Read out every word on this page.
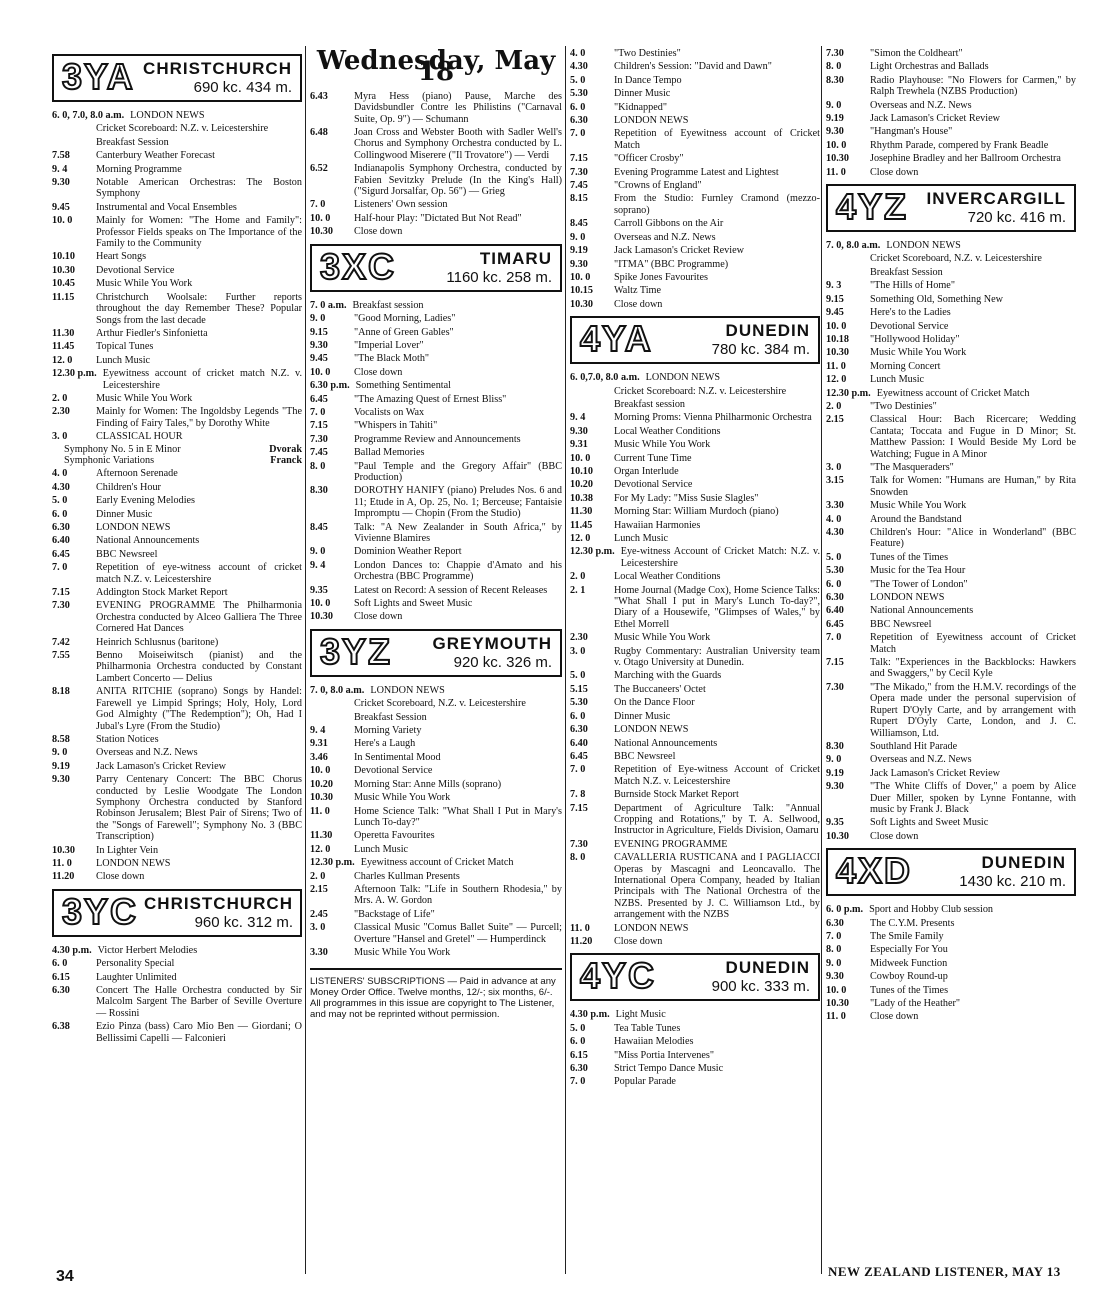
3YA CHRISTCHURCH
690 kc. 434 m.
6. 0, 7.0, 8.0 a.m. LONDON NEWS
Cricket Scoreboard: N.Z. v. Leicestershire
Breakfast Session
7.58	Canterbury Weather Forecast
9. 4	Morning Programme
9.30	Notable American Orchestras: The Boston Symphony
9.45	Instrumental and Vocal Ensembles
10. 0	Mainly for Women: "The Home and Family": Professor Fields speaks on The Importance of the Family to the Community
10.10	Heart Songs
10.30	Devotional Service
10.45	Music While You Work
11.15	Christchurch Woolsale: Further reports throughout the day Remember These? Popular Songs from the last decade
11.30	Arthur Fiedler's Sinfonietta
11.45	Topical Tunes
12. 0	Lunch Music
12.30 p.m. Eyewitness account of cricket match N.Z. v. Leicestershire
2. 0	Music While You Work
2.30	Mainly for Women: The Ingoldsby Legends "The Finding of Fairy Tales," by Dorothy White
3. 0	CLASSICAL HOUR
Symphony No. 5 in E Minor	Dvorak
Symphonic Variations	Franck
4. 0	Afternoon Serenade
4.30	Children's Hour
5. 0	Early Evening Melodies
6. 0	Dinner Music
6.30	LONDON NEWS
6.40	National Announcements
6.45	BBC Newsreel
7. 0	Repetition of eye-witness account of cricket match N.Z. v. Leicestershire
7.15	Addington Stock Market Report
7.30	EVENING PROGRAMME The Philharmonia Orchestra conducted by Alceo Galliera The Three Cornered Hat Dances
7.42	Heinrich Schlusnus (baritone)
7.55	Benno Moiseiwitsch (pianist) and the Philharmonia Orchestra conducted by Constant Lambert Concerto — Delius
8.18	ANITA RITCHIE (soprano) Songs by Handel: Farewell ye Limpid Springs; Holy, Holy, Lord God Almighty ("The Redemption"); Oh, Had I Jubal's Lyre (From the Studio)
8.58	Station Notices
9. 0	Overseas and N.Z. News
9.19	Jack Lamason's Cricket Review
9.30	Parry Centenary Concert: The BBC Chorus conducted by Leslie Woodgate The London Symphony Orchestra conducted by Stanford Robinson Jerusalem; Blest Pair of Sirens; Two of the "Songs of Farewell"; Symphony No. 3 (BBC Transcription)
10.30	In Lighter Vein
11. 0	LONDON NEWS
11.20	Close down
3YC CHRISTCHURCH
960 kc. 312 m.
4.30 p.m. Victor Herbert Melodies
6. 0	Personality Special
6.15	Laughter Unlimited
6.30	Concert The Halle Orchestra conducted by Sir Malcolm Sargent The Barber of Seville Overture — Rossini
6.38	Ezio Pinza (bass) Caro Mio Ben — Giordani; O Bellissimi Capelli — Falconieri
Wednesday, May 18
6.43	Myra Hess (piano) Pause, Marche des Davidsbundler Contre les Philistins ("Carnaval Suite, Op. 9") — Schumann
6.48	Joan Cross and Webster Booth with Sadler Well's Chorus and Symphony Orchestra conducted by L. Collingwood Miserere ("Il Trovatore") — Verdi
6.52	Indianapolis Symphony Orchestra, conducted by Fabien Sevitzky Prelude (In the King's Hall) ("Sigurd Jorsalfar, Op. 56") — Grieg
7. 0	Listeners' Own session
10. 0	Half-hour Play: "Dictated But Not Read"
10.30	Close down
3XC	TIMARU
1160 kc. 258 m.
7. 0 a.m. Breakfast session
9. 0	"Good Morning, Ladies"
9.15	"Anne of Green Gables"
9.30	"Imperial Lover"
9.45	"The Black Moth"
10. 0	Close down
6.30 p.m. Something Sentimental
6.45	"The Amazing Quest of Ernest Bliss"
7. 0	Vocalists on Wax
7.15	"Whispers in Tahiti"
7.30	Programme Review and Announcements
7.45	Ballad Memories
8. 0	"Paul Temple and the Gregory Affair" (BBC Production)
8.30	DOROTHY HANIFY (piano) Preludes Nos. 6 and 11; Etude in A, Op. 25, No. 1; Berceuse; Fantaisie Impromptu — Chopin (From the Studio)
8.45	Talk: "A New Zealander in South Africa," by Vivienne Blamires
9. 0	Dominion Weather Report
9. 4	London Dances to: Chappie d'Amato and his Orchestra (BBC Programme)
9.35	Latest on Record: A session of Recent Releases
10. 0	Soft Lights and Sweet Music
10.30	Close down
3YZ	GREYMOUTH
920 kc. 326 m.
7. 0, 8.0 a.m. LONDON NEWS
Cricket Scoreboard, N.Z. v. Leicestershire
Breakfast Session
9. 4	Morning Variety
9.31	Here's a Laugh
3.46	In Sentimental Mood
10. 0	Devotional Service
10.20	Morning Star: Anne Mills (soprano)
10.30	Music While You Work
11. 0	Home Science Talk: "What Shall I Put in Mary's Lunch To-day?"
11.30	Operetta Favourites
12. 0	Lunch Music
12.30 p.m. Eyewitness account of Cricket Match
2. 0	Charles Kullman Presents
2.15	Afternoon Talk: "Life in Southern Rhodesia," by Mrs. A. W. Gordon
2.45	"Backstage of Life"
3. 0	Classical Music "Comus Ballet Suite" — Purcell; Overture "Hansel and Gretel" — Humperdinck
3.30	Music While You Work
LISTENERS' SUBSCRIPTIONS — Paid in advance at any Money Order Office. Twelve months, 12/-; six months, 6/-. All programmes in this issue are copyright to The Listener, and may not be reprinted without permission.
4. 0	"Two Destinies"
4.30	Children's Session: "David and Dawn"
5. 0	In Dance Tempo
5.30	Dinner Music
6. 0	"Kidnapped"
6.30	LONDON NEWS
7. 0	Repetition of Eyewitness account of Cricket Match
7.15	"Officer Crosby"
7.30	Evening Programme Latest and Lightest
7.45	"Crowns of England"
8.15	From the Studio: Furnley Cramond (mezzo-soprano)
8.45	Carroll Gibbons on the Air
9. 0	Overseas and N.Z. News
9.19	Jack Lamason's Cricket Review
9.30	"ITMA" (BBC Programme)
10. 0	Spike Jones Favourites
10.15	Waltz Time
10.30	Close down
4YA	DUNEDIN
780 kc. 384 m.
6. 0,7.0, 8.0 a.m. LONDON NEWS
Cricket Scoreboard: N.Z. v. Leicestershire
Breakfast session
9. 4	Morning Proms: Vienna Philharmonic Orchestra
9.30	Local Weather Conditions
9.31	Music While You Work
10. 0	Current Tune Time
10.10	Organ Interlude
10.20	Devotional Service
10.38	For My Lady: "Miss Susie Slagles"
11.30	Morning Star: William Murdoch (piano)
11.45	Hawaiian Harmonies
12. 0	Lunch Music
12.30 p.m. Eye-witness Account of Cricket Match: N.Z. v. Leicestershire
2. 0	Local Weather Conditions
2. 1	Home Journal (Madge Cox), Home Science Talks: "What Shall I put in Mary's Lunch To-day?", Diary of a Housewife, "Glimpses of Wales," by Ethel Morrell
2.30	Music While You Work
3. 0	Rugby Commentary: Australian University team v. Otago University at Dunedin.
5. 0	Marching with the Guards
5.15	The Buccaneers' Octet
5.30	On the Dance Floor
6. 0	Dinner Music
6.30	LONDON NEWS
6.40	National Announcements
6.45	BBC Newsreel
7. 0	Repetition of Eye-witness Account of Cricket Match N.Z. v. Leicestershire
7. 8	Burnside Stock Market Report
7.15	Department of Agriculture Talk: "Annual Cropping and Rotations," by T. A. Sellwood, Instructor in Agriculture, Fields Division, Oamaru
7.30	EVENING PROGRAMME
8. 0	CAVALLERIA RUSTICANA and I PAGLIACCI Operas by Mascagni and Leoncavallo. The International Opera Company, headed by Italian Principals with The National Orchestra of the NZBS. Presented by J. C. Williamson Ltd., by arrangement with the NZBS
11. 0	LONDON NEWS
11.20	Close down
4YC	DUNEDIN
900 kc. 333 m.
4.30 p.m. Light Music
5. 0	Tea Table Tunes
6. 0	Hawaiian Melodies
6.15	"Miss Portia Intervenes"
6.30	Strict Tempo Dance Music
7. 0	Popular Parade
7.30	"Simon the Coldheart"
8. 0	Light Orchestras and Ballads
8.30	Radio Playhouse: "No Flowers for Carmen," by Ralph Trewhela (NZBS Production)
9. 0	Overseas and N.Z. News
9.19	Jack Lamason's Cricket Review
9.30	"Hangman's House"
10. 0	Rhythm Parade, compered by Frank Beadle
10.30	Josephine Bradley and her Ballroom Orchestra
11. 0	Close down
4YZ	INVERCARGILL
720 kc. 416 m.
7. 0, 8.0 a.m. LONDON NEWS
Cricket Scoreboard, N.Z. v. Leicestershire
Breakfast Session
9. 3	"The Hills of Home"
9.15	Something Old, Something New
9.45	Here's to the Ladies
10. 0	Devotional Service
10.18	"Hollywood Holiday"
10.30	Music While You Work
11. 0	Morning Concert
12. 0	Lunch Music
12.30 p.m. Eyewitness account of Cricket Match
2. 0	"Two Destinies"
2.15	Classical Hour: Bach Ricercare; Wedding Cantata; Toccata and Fugue in D Minor; St. Matthew Passion: I Would Beside My Lord be Watching; Fugue in A Minor
3. 0	"The Masqueraders"
3.15	Talk for Women: "Humans are Human," by Rita Snowden
3.30	Music While You Work
4. 0	Around the Bandstand
4.30	Children's Hour: "Alice in Wonderland" (BBC Feature)
5. 0	Tunes of the Times
5.30	Music for the Tea Hour
6. 0	"The Tower of London"
6.30	LONDON NEWS
6.40	National Announcements
6.45	BBC Newsreel
7. 0	Repetition of Eyewitness account of Cricket Match
7.15	Talk: "Experiences in the Backblocks: Hawkers and Swaggers," by Cecil Kyle
7.30	"The Mikado," from the H.M.V. recordings of the Opera made under the personal supervision of Rupert D'Oyly Carte, and by arrangement with Rupert D'Oyly Carte, London, and J. C. Williamson, Ltd.
8.30	Southland Hit Parade
9. 0	Overseas and N.Z. News
9.19	Jack Lamason's Cricket Review
9.30	"The White Cliffs of Dover," a poem by Alice Duer Miller, spoken by Lynne Fontanne, with music by Frank J. Black
9.35	Soft Lights and Sweet Music
10.30	Close down
4XD	DUNEDIN
1430 kc. 210 m.
6. 0 p.m. Sport and Hobby Club session
6.30	The C.Y.M. Presents
7. 0	The Smile Family
8. 0	Especially For You
9. 0	Midweek Function
9.30	Cowboy Round-up
10. 0	Tunes of the Times
10.30	"Lady of the Heather"
11. 0	Close down
34	NEW ZEALAND LISTENER, MAY 13
